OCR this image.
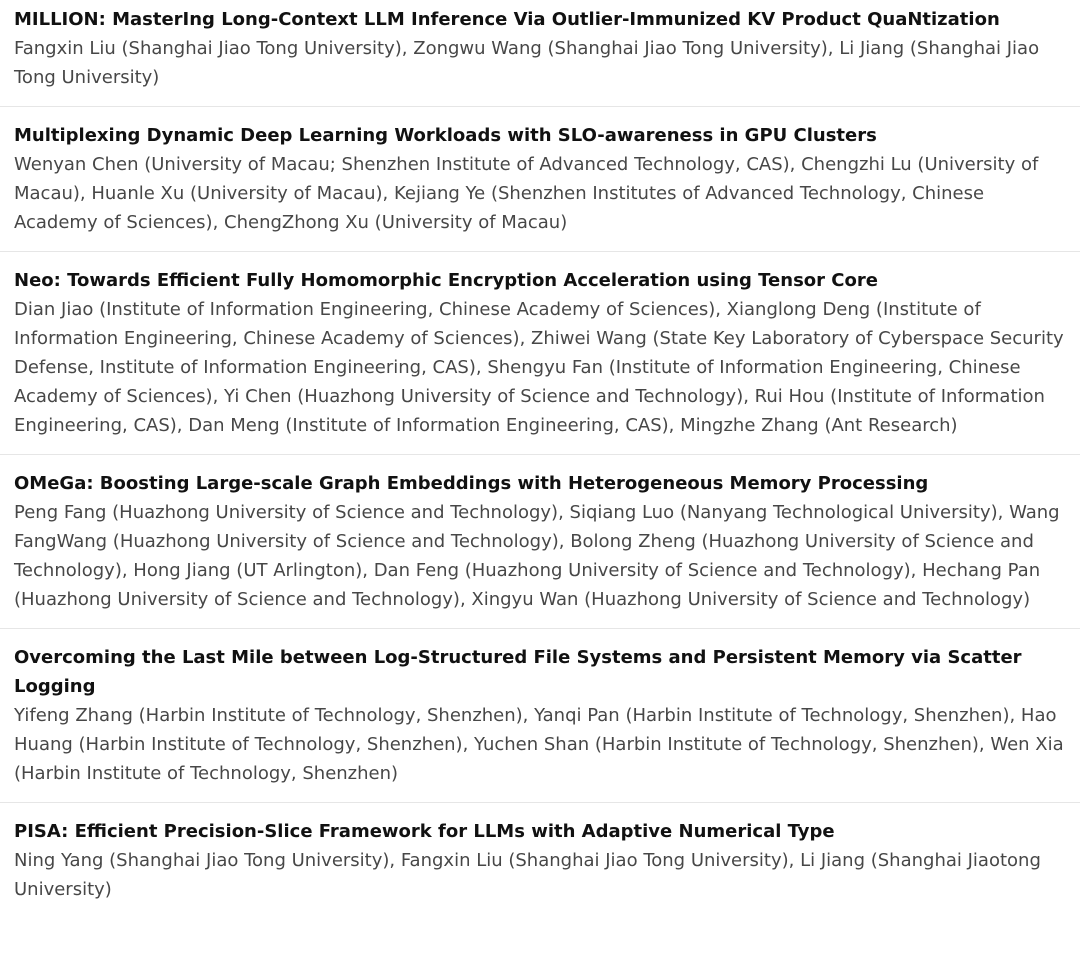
MILLION: MasterIng Long-Context LLM Inference Via Outlier-Immunized KV Product QuaNtization

Fangxin Liu (Shanghai Jiao Tong University), Zongwu Wang (Shanghai Jiao Tong University), Li Jiang (Shanghai Jiao Tong University)

Multiplexing Dynamic Deep Learning Workloads with SLO-awareness in GPU Clusters

Wenyan Chen (University of Macau; Shenzhen Institute of Advanced Technology, CAS), Chengzhi Lu (University of Macau), Huanle Xu (University of Macau), Kejiang Ye (Shenzhen Institutes of Advanced Technology, Chinese Academy of Sciences), ChengZhong Xu (University of Macau)

Neo: Towards Efficient Fully Homomorphic Encryption Acceleration using Tensor Core

Dian Jiao (Institute of Information Engineering, Chinese Academy of Sciences), Xianglong Deng (Institute of Information Engineering, Chinese Academy of Sciences), Zhiwei Wang (State Key Laboratory of Cyberspace Security Defense, Institute of Information Engineering, CAS), Shengyu Fan (Institute of Information Engineering, Chinese Academy of Sciences), Yi Chen (Huazhong University of Science and Technology), Rui Hou (Institute of Information Engineering, CAS), Dan Meng (Institute of Information Engineering, CAS), Mingzhe Zhang (Ant Research)

OMeGa: Boosting Large-scale Graph Embeddings with Heterogeneous Memory Processing

Peng Fang (Huazhong University of Science and Technology), Siqiang Luo (Nanyang Technological University), Wang FangWang (Huazhong University of Science and Technology), Bolong Zheng (Huazhong University of Science and Technology), Hong Jiang (UT Arlington), Dan Feng (Huazhong University of Science and Technology), Hechang Pan (Huazhong University of Science and Technology), Xingyu Wan (Huazhong University of Science and Technology)

Overcoming the Last Mile between Log-Structured File Systems and Persistent Memory via Scatter Logging

Yifeng Zhang (Harbin Institute of Technology, Shenzhen), Yanqi Pan (Harbin Institute of Technology, Shenzhen), Hao Huang (Harbin Institute of Technology, Shenzhen), Yuchen Shan (Harbin Institute of Technology, Shenzhen), Wen Xia (Harbin Institute of Technology, Shenzhen)

PISA: Efficient Precision-Slice Framework for LLMs with Adaptive Numerical Type

Ning Yang (Shanghai Jiao Tong University), Fangxin Liu (Shanghai Jiao Tong University), Li Jiang (Shanghai Jiaotong University)
